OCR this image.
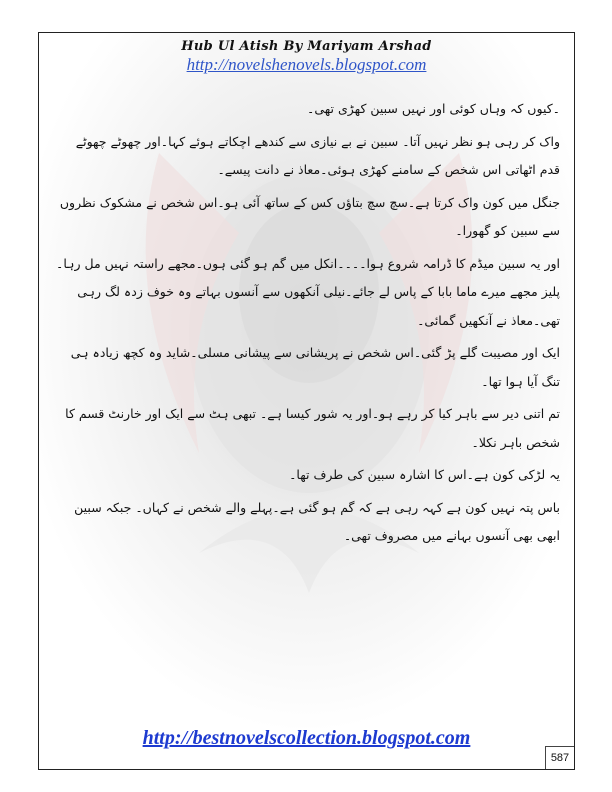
Hub Ul Atish By Mariyam Arshad
http://novelshenovels.blogspot.com

۔کیوں کہ وہاں کوئی اور نہیں سبین کھڑی تھی۔

واک کر رہی ہو نظر نہیں آتا۔ سبین نے بے نیازی سے کندھے اچکاتے ہوئے کہا۔اور چھوٹے چھوٹے قدم اٹھاتی اس شخص کے سامنے کھڑی ہوئی۔معاذ نے دانت پیسے۔

جنگل میں کون واک کرتا ہے۔سچ سچ بتاؤں کس کے ساتھ آئی ہو۔اس شخص نے مشکوک نظروں سے سبین کو گھورا۔

اور یہ سبین میڈم کا ڈرامہ شروع ہوا۔۔۔۔انکل میں گم ہو گئی ہوں۔مجھے راستہ نہیں مل رہا۔پلیز مجھے میرے ماما بابا کے پاس لے جائے۔نیلی آنکھوں سے آنسوں بہاتے وہ خوف زدہ لگ رہی تھی۔معاذ نے آنکھیں گمائی۔

ایک اور مصیبت گلے پڑ گئی۔اس شخص نے پریشانی سے پیشانی مسلی۔شاید وہ کچھ زیادہ ہی تنگ آیا ہوا تھا۔

تم اتنی دیر سے باہر کیا کر رہے ہو۔اور یہ شور کیسا ہے۔ تبھی ہٹ سے ایک اور خارنٹ قسم کا شخص باہر نکلا۔

یہ لڑکی کون ہے۔اس کا اشارہ سبین کی طرف تھا۔

باس پتہ نہیں کون ہے کہہ رہی ہے کہ گم ہو گئی ہے۔پہلے والے شخص نے کہاں۔ جبکہ سبین ابھی بھی آنسوں بہانے میں مصروف تھی۔

http://bestnovelscollection.blogspot.com
587
